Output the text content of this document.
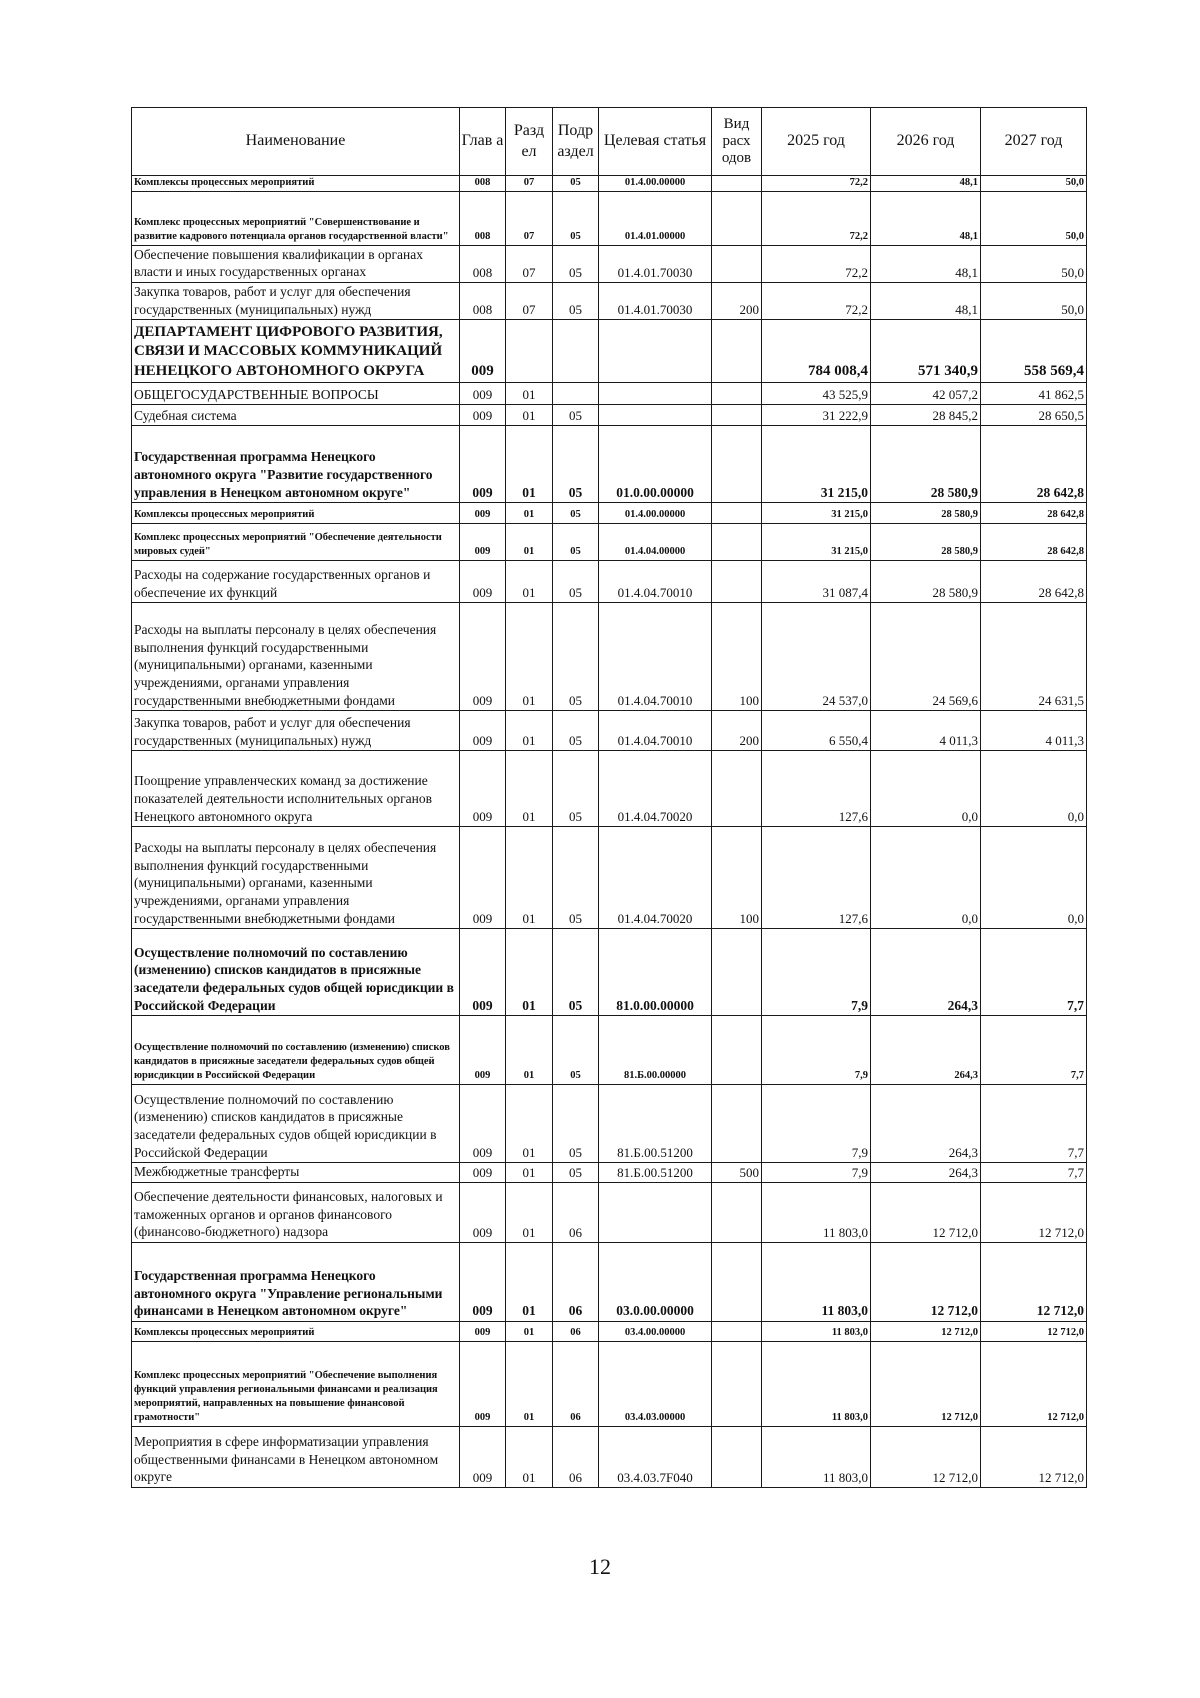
Наименование	Глав а	Разд ел	Подр аздел	Целевая статья	Вид расх одов	2025 год	2026 год	2027 год
Комплексы процессных мероприятий	008	07	05	01.4.00.00000		72,2	48,1	50,0
Комплекс процессных мероприятий "Совершенствование и развитие кадрового потенциала органов государственной власти"	008	07	05	01.4.01.00000		72,2	48,1	50,0
Обеспечение повышения квалификации в органах власти и иных государственных органах	008	07	05	01.4.01.70030		72,2	48,1	50,0
Закупка товаров, работ и услуг для обеспечения государственных (муниципальных) нужд	008	07	05	01.4.01.70030	200	72,2	48,1	50,0
ДЕПАРТАМЕНТ ЦИФРОВОГО РАЗВИТИЯ, СВЯЗИ И МАССОВЫХ КОММУНИКАЦИЙ НЕНЕЦКОГО АВТОНОМНОГО ОКРУГА	009					784 008,4	571 340,9	558 569,4
ОБЩЕГОСУДАРСТВЕННЫЕ ВОПРОСЫ	009	01				43 525,9	42 057,2	41 862,5
Судебная система	009	01	05			31 222,9	28 845,2	28 650,5
Государственная программа Ненецкого автономного округа "Развитие государственного управления в Ненецком автономном округе"	009	01	05	01.0.00.00000		31 215,0	28 580,9	28 642,8
Комплексы процессных мероприятий	009	01	05	01.4.00.00000		31 215,0	28 580,9	28 642,8
Комплекс процессных мероприятий "Обеспечение деятельности мировых судей"	009	01	05	01.4.04.00000		31 215,0	28 580,9	28 642,8
Расходы на содержание государственных органов и обеспечение их функций	009	01	05	01.4.04.70010		31 087,4	28 580,9	28 642,8
Расходы на выплаты персоналу в целях обеспечения выполнения функций государственными (муниципальными) органами, казенными учреждениями, органами управления государственными внебюджетными фондами	009	01	05	01.4.04.70010	100	24 537,0	24 569,6	24 631,5
Закупка товаров, работ и услуг для обеспечения государственных (муниципальных) нужд	009	01	05	01.4.04.70010	200	6 550,4	4 011,3	4 011,3
Поощрение управленческих команд за достижение показателей деятельности исполнительных органов Ненецкого автономного округа	009	01	05	01.4.04.70020		127,6	0,0	0,0
Расходы на выплаты персоналу в целях обеспечения выполнения функций государственными (муниципальными) органами, казенными учреждениями, органами управления государственными внебюджетными фондами	009	01	05	01.4.04.70020	100	127,6	0,0	0,0
Осуществление полномочий по составлению (изменению) списков кандидатов в присяжные заседатели федеральных судов общей юрисдикции в Российской Федерации	009	01	05	81.0.00.00000		7,9	264,3	7,7
Осуществление полномочий по составлению (изменению) списков кандидатов в присяжные заседатели федеральных судов общей юрисдикции в Российской Федерации	009	01	05	81.Б.00.00000		7,9	264,3	7,7
Осуществление полномочий по составлению (изменению) списков кандидатов в присяжные заседатели федеральных судов общей юрисдикции в Российской Федерации	009	01	05	81.Б.00.51200		7,9	264,3	7,7
Межбюджетные трансферты	009	01	05	81.Б.00.51200	500	7,9	264,3	7,7
Обеспечение деятельности финансовых, налоговых и таможенных органов и органов финансового (финансово-бюджетного) надзора	009	01	06			11 803,0	12 712,0	12 712,0
Государственная программа Ненецкого автономного округа "Управление региональными финансами в Ненецком автономном округе"	009	01	06	03.0.00.00000		11 803,0	12 712,0	12 712,0
Комплексы процессных мероприятий	009	01	06	03.4.00.00000		11 803,0	12 712,0	12 712,0
Комплекс процессных мероприятий "Обеспечение выполнения функций управления региональными финансами и реализация мероприятий, направленных на повышение финансовой грамотности"	009	01	06	03.4.03.00000		11 803,0	12 712,0	12 712,0
Мероприятия в сфере информатизации управления общественными финансами в Ненецком автономном округе	009	01	06	03.4.03.7F040		11 803,0	12 712,0	12 712,0
12
